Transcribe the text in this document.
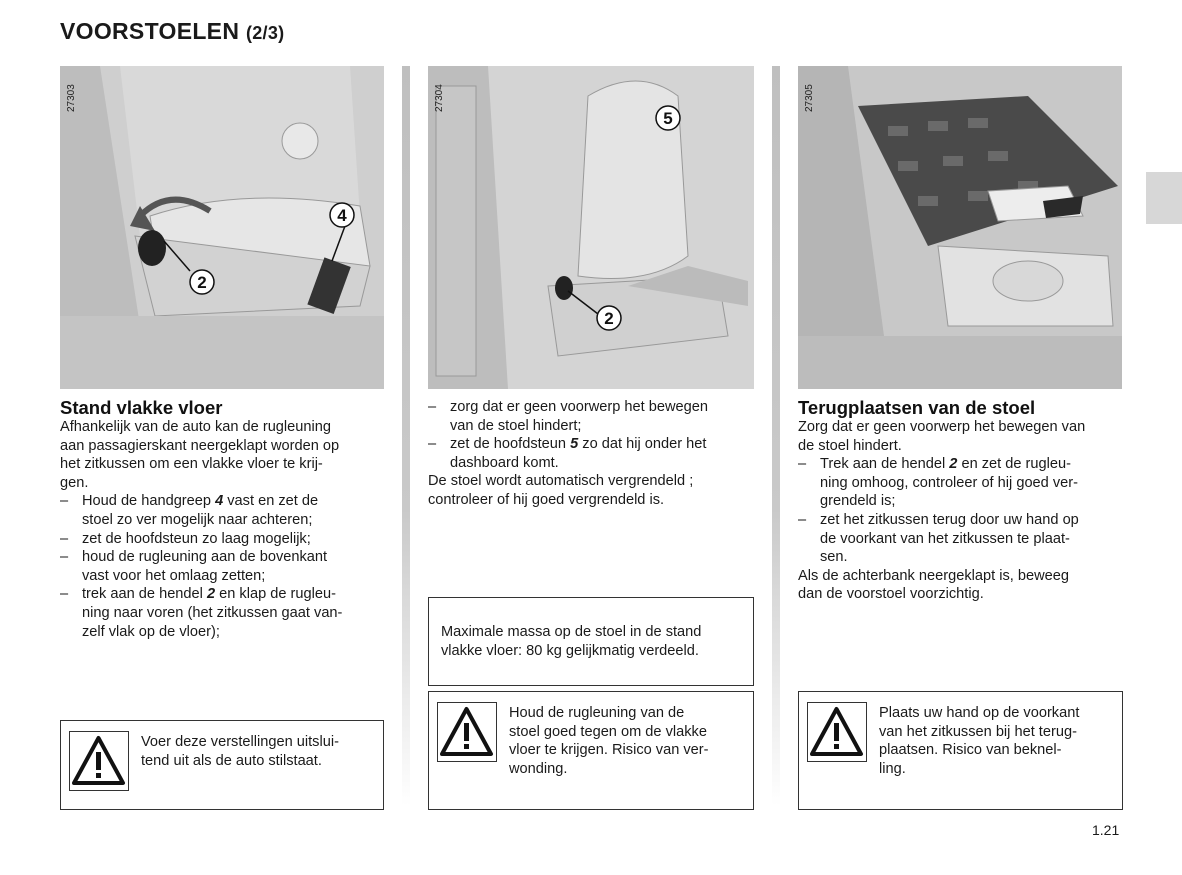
VOORSTOELEN (2/3)
2
4
27303
5
2
27304	27305
Stand vlakke vloer
Afhankelijk van de auto kan de rugleuning
aan passagierskant neergeklapt worden op
het zitkussen om een vlakke vloer te krij-
gen.
– Houd de handgreep 4 vast en zet de
stoel zo ver mogelijk naar achteren;
– zet de hoofdsteun zo laag mogelijk;
– houd de rugleuning aan de bovenkant
vast voor het omlaag zetten;
– trek aan de hendel 2 en klap de rugleu-
ning naar voren (het zitkussen gaat van-
zelf vlak op de vloer);
Voer deze verstellingen uitslui-
tend uit als de auto stilstaat.
– zorg dat er geen voorwerp het bewegen
van de stoel hindert;
– zet de hoofdsteun 5 zo dat hij onder het
dashboard komt.
De stoel wordt automatisch vergrendeld ;
controleer of hij goed vergrendeld is.
Maximale massa op de stoel in de stand
vlakke vloer: 80 kg gelijkmatig verdeeld.
Houd de rugleuning van de
stoel goed tegen om de vlakke
vloer te krijgen. Risico van ver-
wonding.
Terugplaatsen van de stoel
Zorg dat er geen voorwerp het bewegen van
de stoel hindert.
– Trek aan de hendel 2 en zet de rugleu-
ning omhoog, controleer of hij goed ver-
grendeld is;
– zet het zitkussen terug door uw hand op
de voorkant van het zitkussen te plaat-
sen.
Als de achterbank neergeklapt is, beweeg
dan de voorstoel voorzichtig.
Plaats uw hand op de voorkant
van het zitkussen bij het terug-
plaatsen. Risico van beknel-
ling.
1.21
